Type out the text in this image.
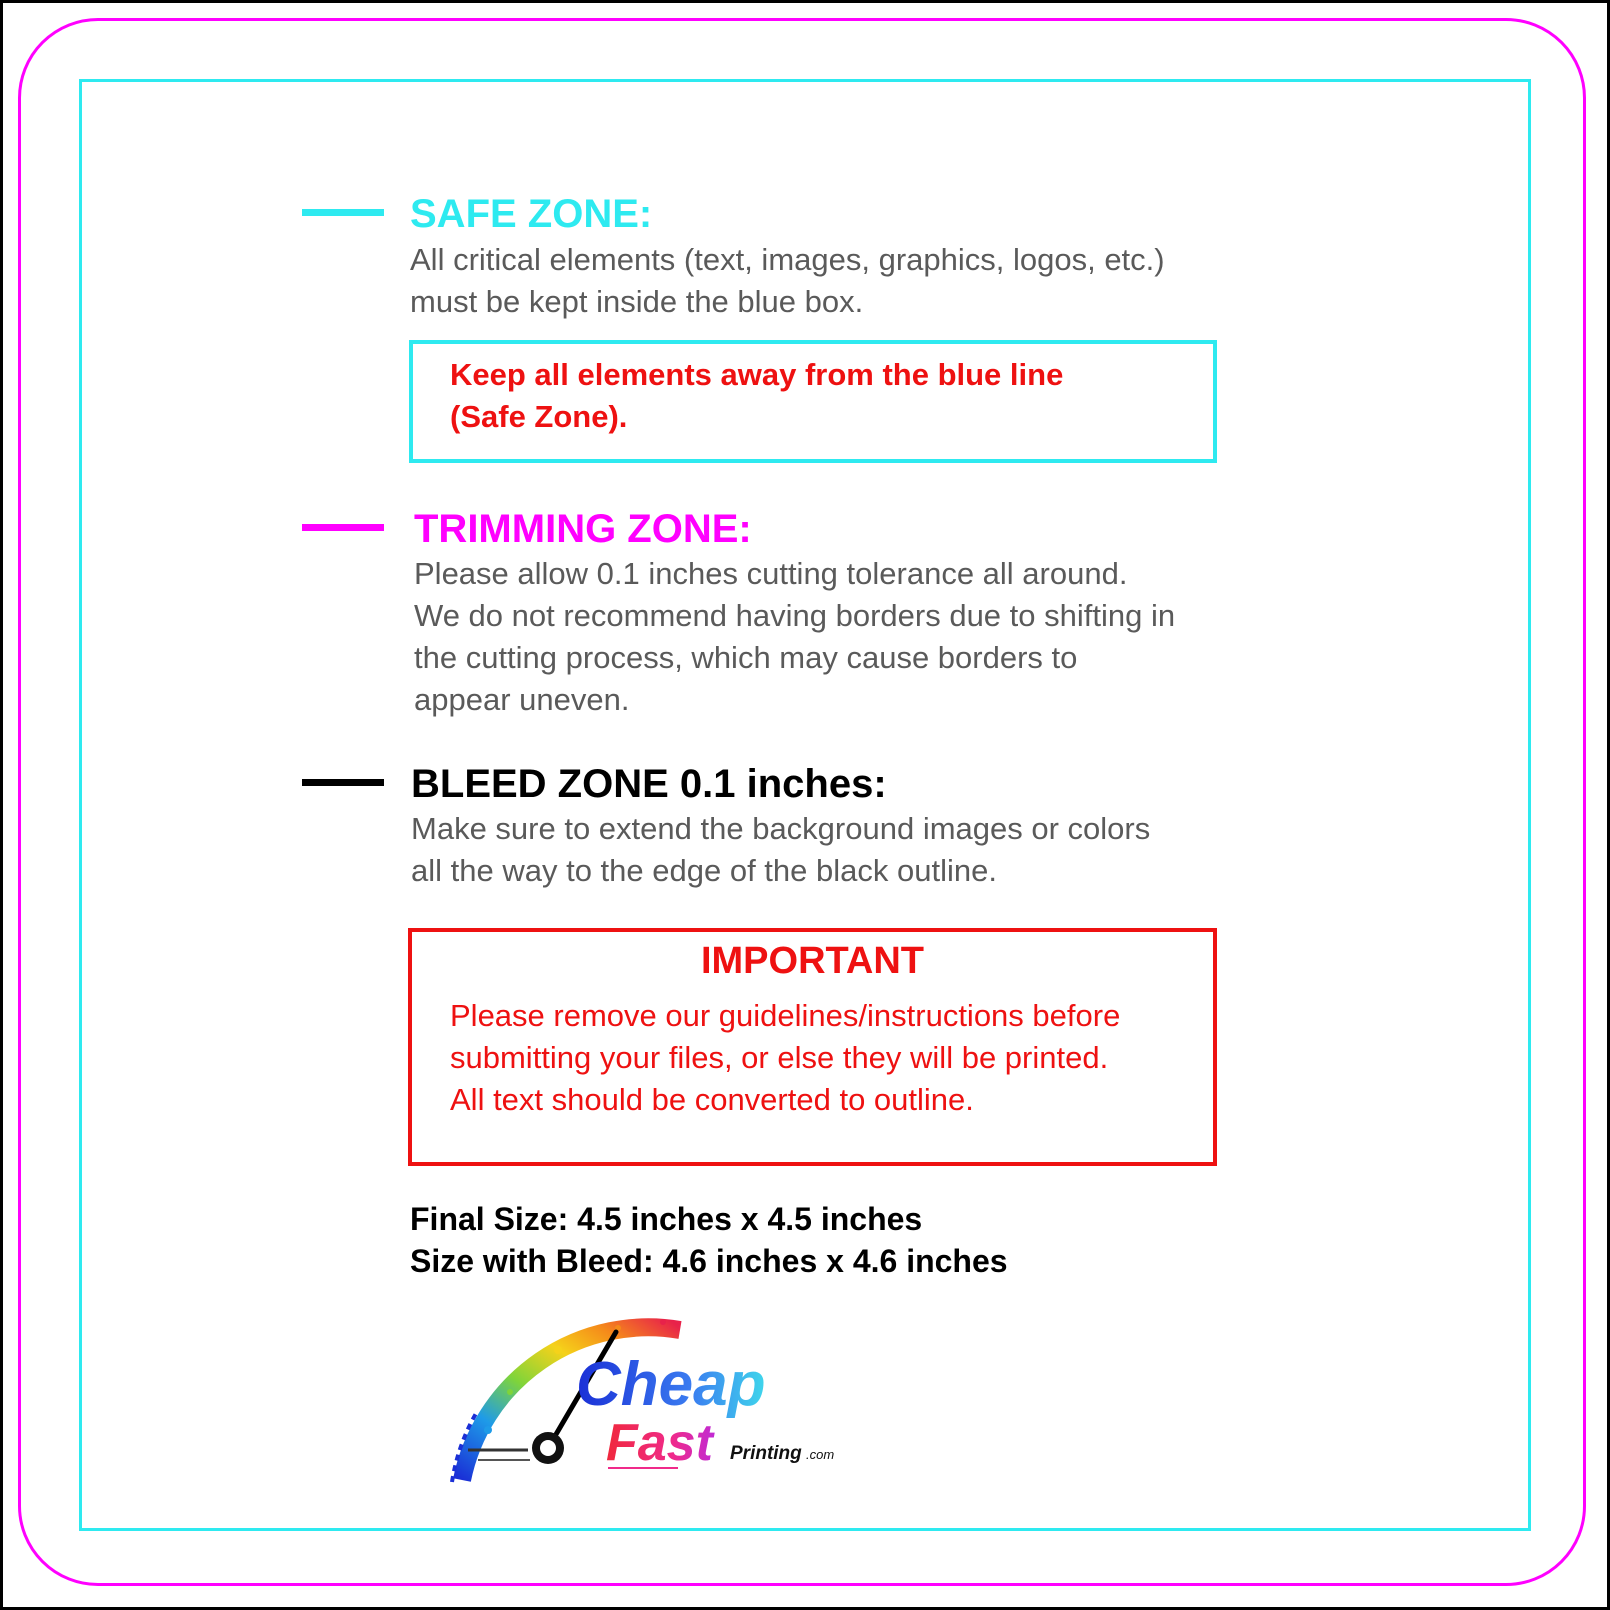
SAFE ZONE:
All critical elements (text, images, graphics, logos, etc.)
must be kept inside the blue box.
Keep all elements away from the blue line
(Safe Zone).
TRIMMING ZONE:
Please allow 0.1 inches cutting tolerance all around.
We do not recommend having borders due to shifting in
the cutting process, which may cause borders to
appear uneven.
BLEED ZONE 0.1 inches:
Make sure to extend the background images or colors
all the way to the edge of the black outline.
IMPORTANT
Please remove our guidelines/instructions before
submitting your files, or else they will be printed.
All text should be converted to outline.
Final Size: 4.5 inches x 4.5 inches
Size with Bleed: 4.6 inches x 4.6 inches
Cheap
Fast Printing .com
